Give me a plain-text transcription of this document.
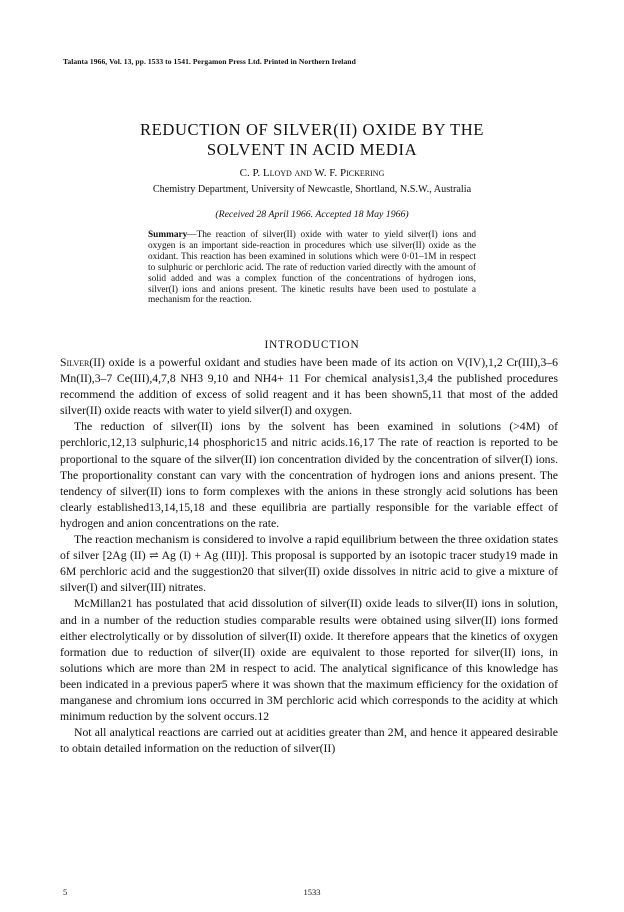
Talanta 1966, Vol. 13, pp. 1533 to 1541. Pergamon Press Ltd. Printed in Northern Ireland
REDUCTION OF SILVER(II) OXIDE BY THE
SOLVENT IN ACID MEDIA
C. P. Lloyd and W. F. Pickering
Chemistry Department, University of Newcastle, Shortland, N.S.W., Australia
(Received 28 April 1966. Accepted 18 May 1966)
Summary—The reaction of silver(II) oxide with water to yield silver(I) ions and oxygen is an important side-reaction in procedures which use silver(II) oxide as the oxidant. This reaction has been examined in solutions which were 0·01–1M in respect to sulphuric or perchloric acid. The rate of reduction varied directly with the amount of solid added and was a complex function of the concentrations of hydrogen ions, silver(I) ions and anions present. The kinetic results have been used to postulate a mechanism for the reaction.
INTRODUCTION

Silver(II) oxide is a powerful oxidant and studies have been made of its action on V(IV),1,2 Cr(III),3–6 Mn(II),3–7 Ce(III),4,7,8 NH3 9,10 and NH4+ 11 For chemical analysis1,3,4 the published procedures recommend the addition of excess of solid reagent and it has been shown5,11 that most of the added silver(II) oxide reacts with water to yield silver(I) and oxygen.

The reduction of silver(II) ions by the solvent has been examined in solutions (>4M) of perchloric,12,13 sulphuric,14 phosphoric15 and nitric acids.16,17 The rate of reaction is reported to be proportional to the square of the silver(II) ion concentration divided by the concentration of silver(I) ions. The proportionality constant can vary with the concentration of hydrogen ions and anions present. The tendency of silver(II) ions to form complexes with the anions in these strongly acid solutions has been clearly established13,14,15,18 and these equilibria are partially responsible for the variable effect of hydrogen and anion concentrations on the rate.

The reaction mechanism is considered to involve a rapid equilibrium between the three oxidation states of silver [2Ag (II) ⇌ Ag (I) + Ag (III)]. This proposal is supported by an isotopic tracer study19 made in 6M perchloric acid and the suggestion20 that silver(II) oxide dissolves in nitric acid to give a mixture of silver(I) and silver(III) nitrates.

McMillan21 has postulated that acid dissolution of silver(II) oxide leads to silver(II) ions in solution, and in a number of the reduction studies comparable results were obtained using silver(II) ions formed either electrolytically or by dissolution of silver(II) oxide. It therefore appears that the kinetics of oxygen formation due to reduction of silver(II) oxide are equivalent to those reported for silver(II) ions, in solutions which are more than 2M in respect to acid. The analytical significance of this knowledge has been indicated in a previous paper5 where it was shown that the maximum efficiency for the oxidation of manganese and chromium ions occurred in 3M perchloric acid which corresponds to the acidity at which minimum reduction by the solvent occurs.12

Not all analytical reactions are carried out at acidities greater than 2M, and hence it appeared desirable to obtain detailed information on the reduction of silver(II)

5	1533
